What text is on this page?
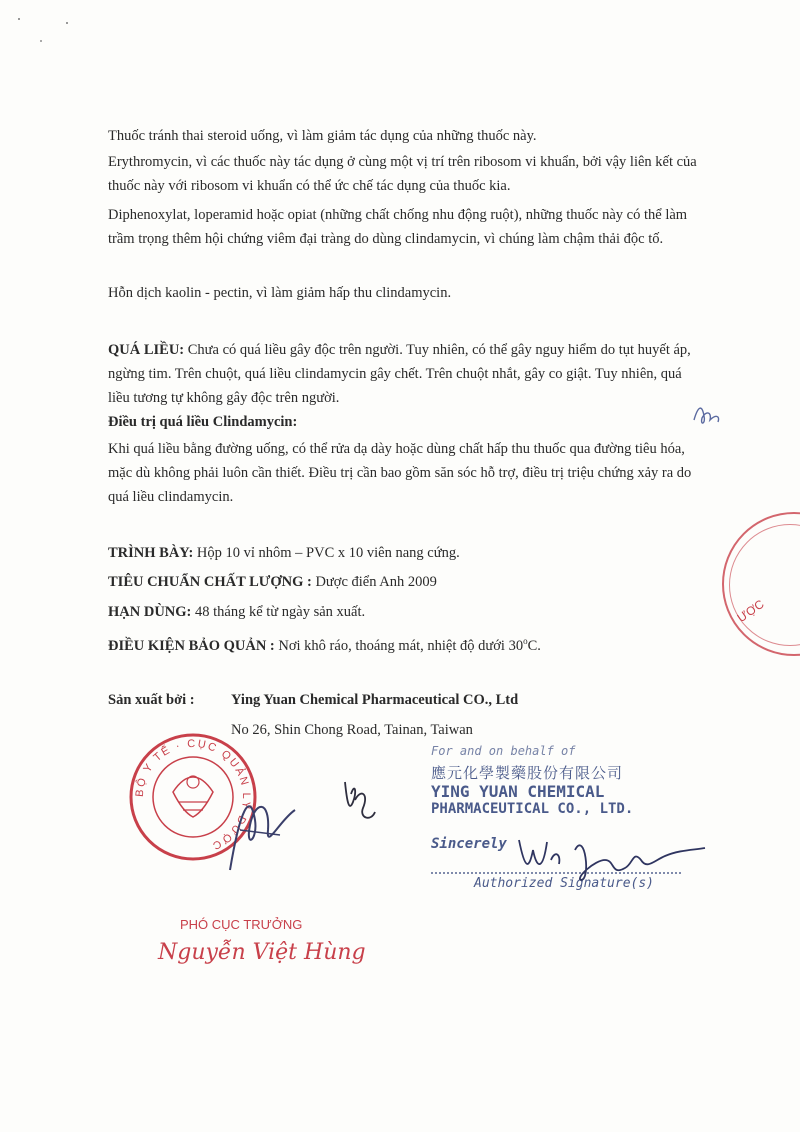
Thuốc tránh thai steroid uống, vì làm giảm tác dụng của những thuốc này.

Erythromycin, vì các thuốc này tác dụng ở cùng một vị trí trên ribosom vi khuẩn, bởi vậy liên kết của thuốc này với ribosom vi khuẩn có thể ức chế tác dụng của thuốc kia.

Diphenoxylat, loperamid hoặc opiat (những chất chống nhu động ruột), những thuốc này có thể làm trầm trọng thêm hội chứng viêm đại tràng do dùng clindamycin, vì chúng làm chậm thải độc tố.

Hỗn dịch kaolin - pectin, vì làm giảm hấp thu clindamycin.

QUÁ LIỀU: Chưa có quá liều gây độc trên người. Tuy nhiên, có thể gây nguy hiểm do tụt huyết áp, ngừng tim. Trên chuột, quá liều clindamycin gây chết. Trên chuột nhắt, gây co giật. Tuy nhiên, quá liều tương tự không gây độc trên người.

Điều trị quá liều Clindamycin:

Khi quá liều bằng đường uống, có thể rửa dạ dày hoặc dùng chất hấp thu thuốc qua đường tiêu hóa, mặc dù không phải luôn cần thiết. Điều trị cần bao gồm săn sóc hỗ trợ, điều trị triệu chứng xảy ra do quá liều clindamycin.

TRÌNH BÀY: Hộp 10 vỉ nhôm – PVC x 10 viên nang cứng.

TIÊU CHUẨN CHẤT LƯỢNG : Dược điển Anh 2009

HẠN DÙNG: 48 tháng kể từ ngày sản xuất.

ĐIỀU KIỆN BẢO QUẢN : Nơi khô ráo, thoáng mát, nhiệt độ dưới 30$^o$C.

Sản xuất bởi :	Ying Yuan Chemical Pharmaceutical CO., Ltd

No 26, Shin Chong Road, Tainan, Taiwan

ƯỢC
BỘ Y TẾ · CỤC QUẢN LÝ DƯỢC
PHÓ CỤC TRƯỞNG
Nguyễn Việt Hùng
For and on behalf of
應元化學製藥股份有限公司
YING YUAN CHEMICAL
PHARMACEUTICAL CO., LTD.
Sincerely
Authorized Signature(s)
